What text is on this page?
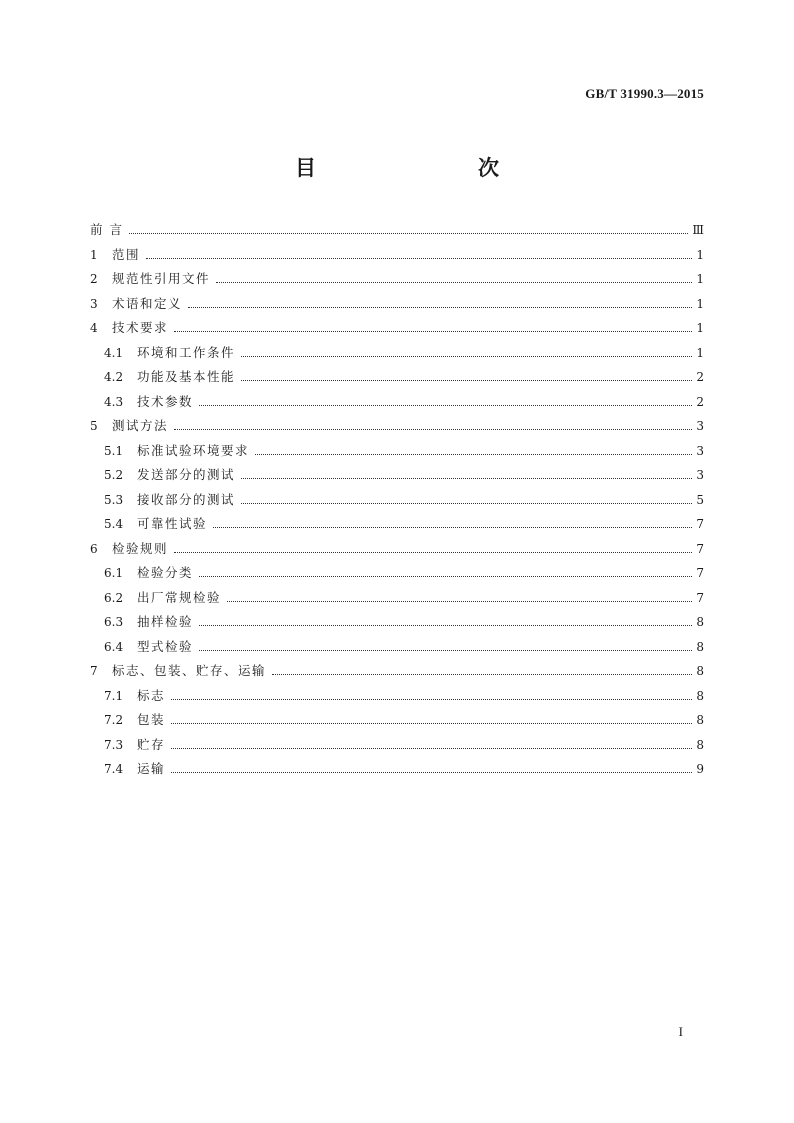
GB/T 31990.3—2015
目　　次
前 言	Ⅲ
1	范围	1
2	规范性引用文件	1
3	术语和定义	1
4	技术要求	1
4.1	环境和工作条件	1
4.2	功能及基本性能	2
4.3	技术参数	2
5	测试方法	3
5.1	标准试验环境要求	3
5.2	发送部分的测试	3
5.3	接收部分的测试	5
5.4	可靠性试验	7
6	检验规则	7
6.1	检验分类	7
6.2	出厂常规检验	7
6.3	抽样检验	8
6.4	型式检验	8
7	标志、包装、贮存、运输	8
7.1	标志	8
7.2	包装	8
7.3	贮存	8
7.4	运输	9
I
